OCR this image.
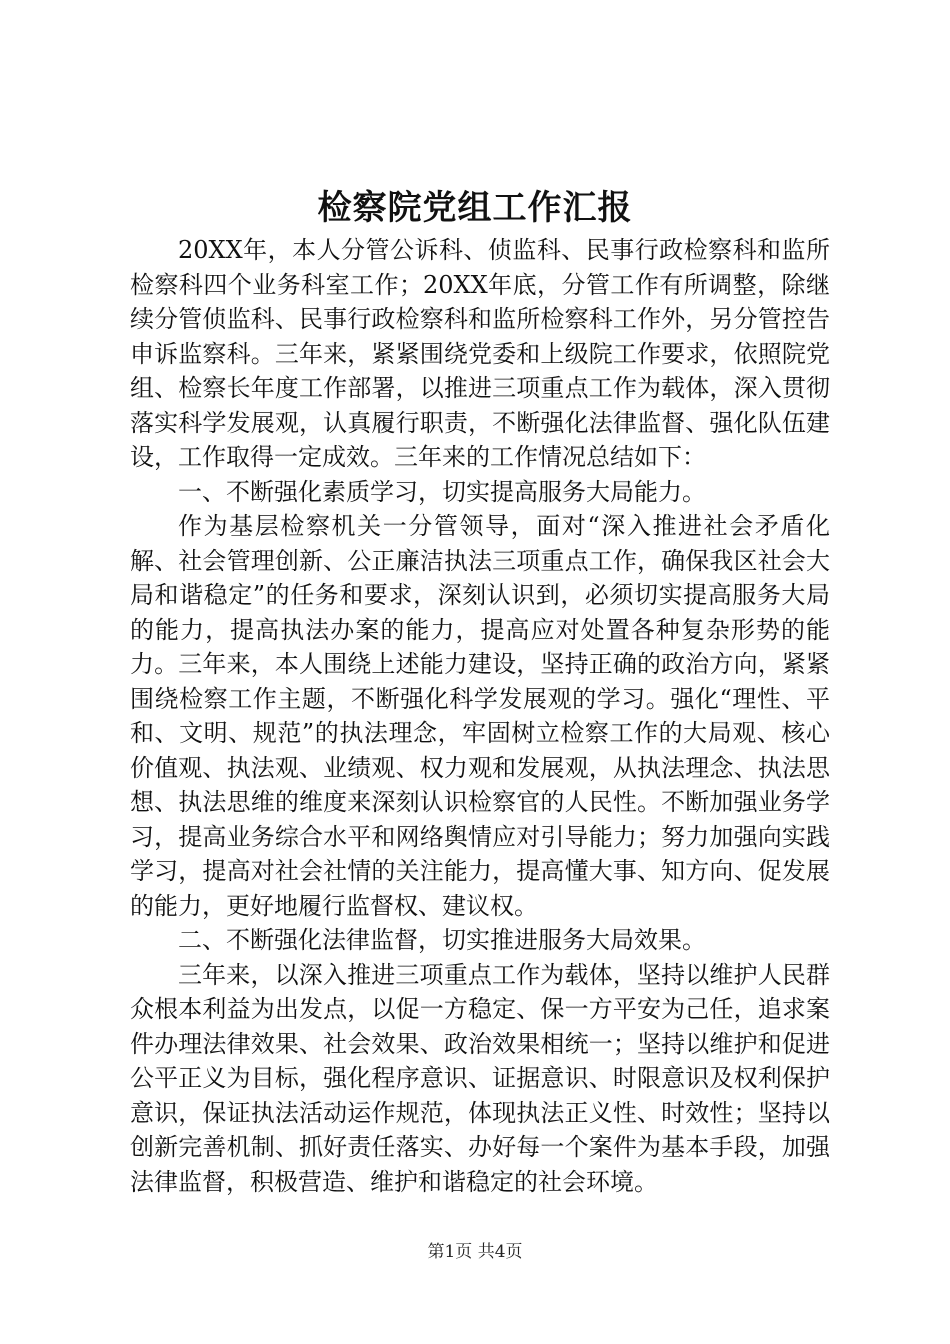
检察院党组工作汇报

20XX年，本人分管公诉科、侦监科、民事行政检察科和监所检察科四个业务科室工作；20XX年底，分管工作有所调整，除继续分管侦监科、民事行政检察科和监所检察科工作外，另分管控告申诉监察科。三年来，紧紧围绕党委和上级院工作要求，依照院党组、检察长年度工作部署，以推进三项重点工作为载体，深入贯彻落实科学发展观，认真履行职责，不断强化法律监督、强化队伍建设，工作取得一定成效。三年来的工作情况总结如下：

一、不断强化素质学习，切实提高服务大局能力。

作为基层检察机关一分管领导，面对“深入推进社会矛盾化解、社会管理创新、公正廉洁执法三项重点工作，确保我区社会大局和谐稳定”的任务和要求，深刻认识到，必须切实提高服务大局的能力，提高执法办案的能力，提高应对处置各种复杂形势的能力。三年来，本人围绕上述能力建设，坚持正确的政治方向，紧紧围绕检察工作主题，不断强化科学发展观的学习。强化“理性、平和、文明、规范”的执法理念，牢固树立检察工作的大局观、核心价值观、执法观、业绩观、权力观和发展观，从执法理念、执法思想、执法思维的维度来深刻认识检察官的人民性。不断加强业务学习，提高业务综合水平和网络舆情应对引导能力；努力加强向实践学习，提高对社会社情的关注能力，提高懂大事、知方向、促发展的能力，更好地履行监督权、建议权。

二、不断强化法律监督，切实推进服务大局效果。

三年来，以深入推进三项重点工作为载体，坚持以维护人民群众根本利益为出发点，以促一方稳定、保一方平安为己任，追求案件办理法律效果、社会效果、政治效果相统一；坚持以维护和促进公平正义为目标，强化程序意识、证据意识、时限意识及权利保护意识，保证执法活动运作规范，体现执法正义性、时效性；坚持以创新完善机制、抓好责任落实、办好每一个案件为基本手段，加强法律监督，积极营造、维护和谐稳定的社会环境。

第1页 共4页
